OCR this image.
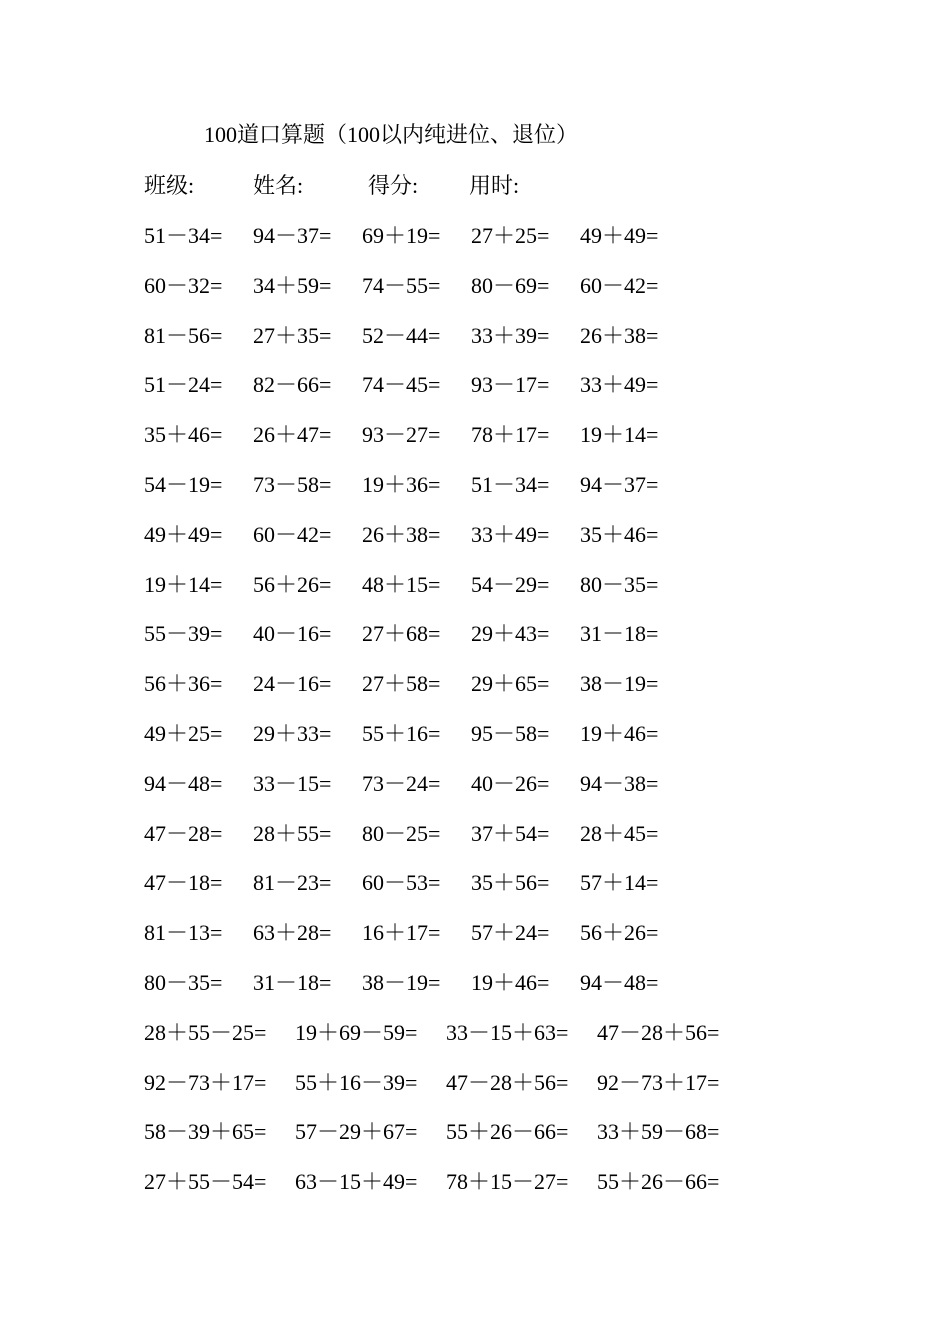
100道口算题（100以内纯进位、退位）
班级:	姓名:	得分: 用时:
51－34= 94－37= 69＋19= 27＋25= 49＋49=
60－32= 34＋59= 74－55= 80－69= 60－42=
81－56= 27＋35= 52－44= 33＋39= 26＋38=
51－24= 82－66= 74－45= 93－17= 33＋49=
35＋46= 26＋47= 93－27= 78＋17= 19＋14=
54－19= 73－58= 19＋36= 51－34= 94－37=
49＋49= 60－42= 26＋38= 33＋49= 35＋46=
19＋14= 56＋26= 48＋15= 54－29= 80－35=
55－39= 40－16= 27＋68= 29＋43= 31－18=
56＋36= 24－16= 27＋58= 29＋65= 38－19=
49＋25= 29＋33= 55＋16= 95－58= 19＋46=
94－48= 33－15= 73－24= 40－26= 94－38=
47－28= 28＋55= 80－25= 37＋54= 28＋45=
47－18= 81－23= 60－53= 35＋56= 57＋14=
81－13= 63＋28= 16＋17= 57＋24= 56＋26=
80－35= 31－18= 38－19= 19＋46= 94－48=
28＋55－25= 19＋69－59= 33－15＋63= 47－28＋56=
92－73＋17= 55＋16－39= 47－28＋56= 92－73＋17=
58－39＋65= 57－29＋67= 55＋26－66= 33＋59－68=
27＋55－54= 63－15＋49= 78＋15－27= 55＋26－66=
